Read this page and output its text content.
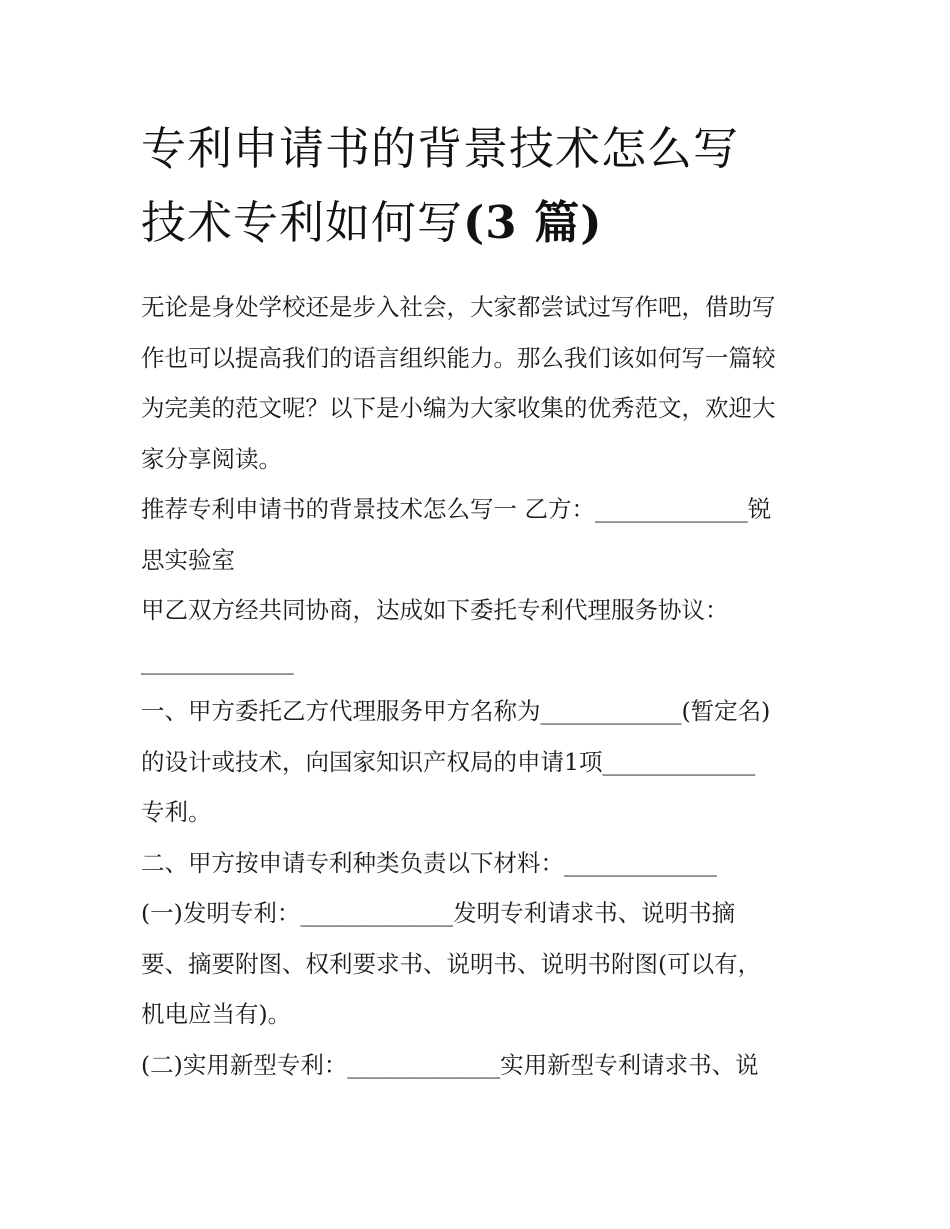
专利申请书的背景技术怎么写
技术专利如何写(3 篇)
无论是身处学校还是步入社会，大家都尝试过写作吧，借助写
作也可以提高我们的语言组织能力。那么我们该如何写一篇较
为完美的范文呢？以下是小编为大家收集的优秀范文，欢迎大
家分享阅读。
推荐专利申请书的背景技术怎么写一 乙方：_____________锐
思实验室
甲乙双方经共同协商，达成如下委托专利代理服务协议：
_____________
一、甲方委托乙方代理服务甲方名称为____________(暂定名)
的设计或技术，向国家知识产权局的申请1项_____________
专利。
二、甲方按申请专利种类负责以下材料：_____________
(一)发明专利：_____________发明专利请求书、说明书摘
要、摘要附图、权利要求书、说明书、说明书附图(可以有，
机电应当有)。
(二)实用新型专利：_____________实用新型专利请求书、说
